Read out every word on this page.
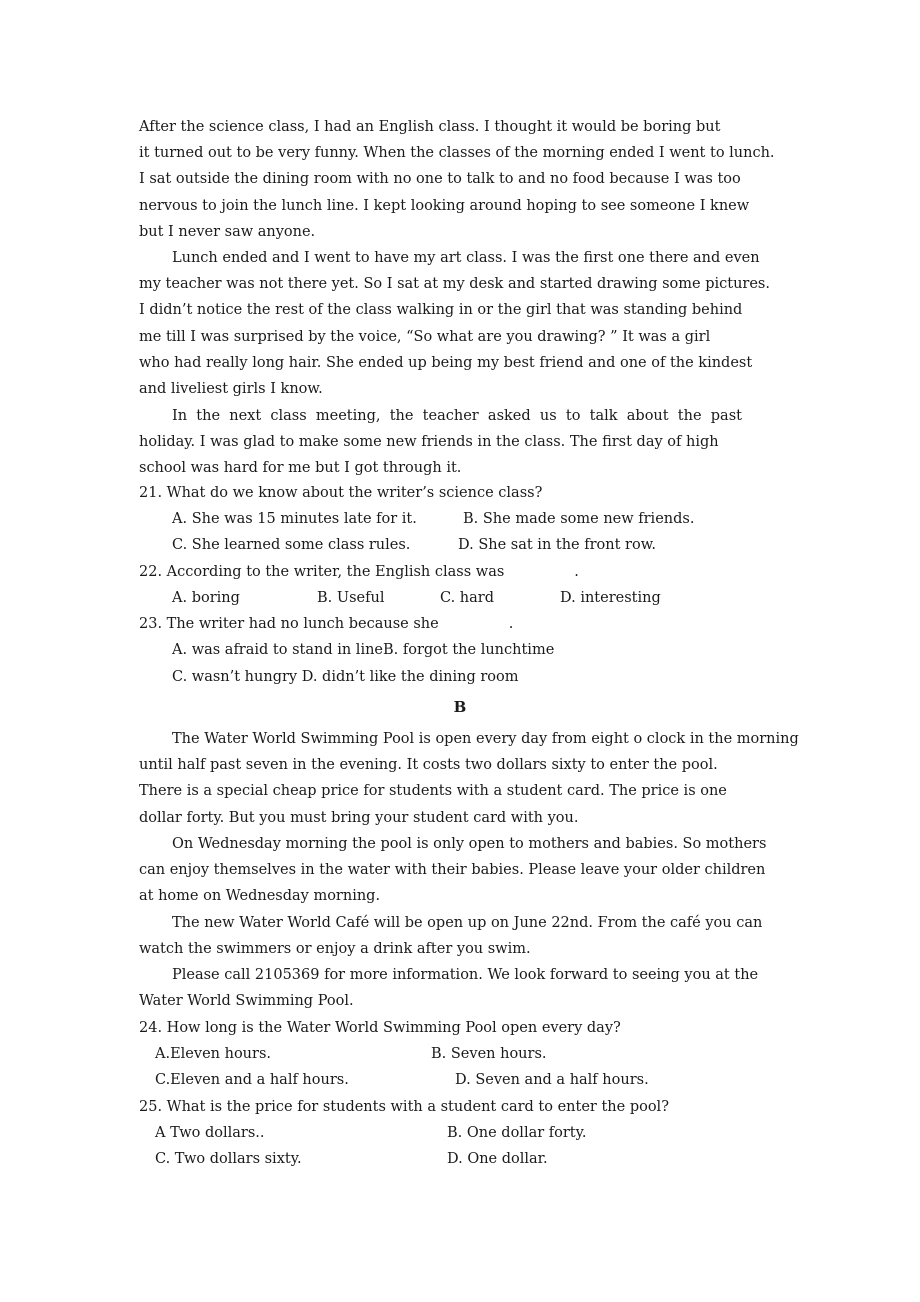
After the science class, I had an English class. I thought it would be boring but
it turned out to be very funny. When the classes of the morning ended I went to lunch.
I sat outside the dining room with no one to talk to and no food because I was too
nervous to join the lunch line. I kept looking around hoping to see someone I knew
but I never saw anyone.

Lunch ended and I went to have my art class. I was the first one there and even
my teacher was not there yet. So I sat at my desk and started drawing some pictures.
I didn’t notice the rest of the class walking in or the girl that was standing behind
me till I was surprised by the voice, “So what are you drawing? ” It was a girl
who had really long hair. She ended up being my best friend and one of the kindest
and liveliest girls I know.

In  the  next  class  meeting,  the  teacher  asked  us  to  talk  about  the  past
holiday. I was glad to make some new friends in the class. The first day of high
school was hard for me but I got through it.

21. What do we know about the writer’s science class?
A. She was 15 minutes late for it.	B. She made some new friends.
C. She learned some class rules.	D. She sat in the front row.
22. According to the writer, the English class was	.
A. boring	B. Useful	C. hard	D. interesting
23. The writer had no lunch because she	.
A. was afraid to stand in lineB. forgot the lunchtime
C. wasn’t hungry D. didn’t like the dining room
B

The Water World Swimming Pool is open every day from eight o clock in the morning
until half past seven in the evening. It costs two dollars sixty to enter the pool.
There is a special cheap price for students with a student card. The price is one
dollar forty. But you must bring your student card with you.

On Wednesday morning the pool is only open to mothers and babies. So mothers
can enjoy themselves in the water with their babies. Please leave your older children
at home on Wednesday morning.

The new Water World Café will be open up on June 22nd. From the café you can
watch the swimmers or enjoy a drink after you swim.

Please call 2105369 for more information. We look forward to seeing you at the
Water World Swimming Pool.

24. How long is the Water World Swimming Pool open every day?
A.Eleven hours.	B. Seven hours.
C.Eleven and a half hours.	D. Seven and a half hours.
25. What is the price for students with a student card to enter the pool?
A Two dollars..	B. One dollar forty.
C. Two dollars sixty.	D. One dollar.
